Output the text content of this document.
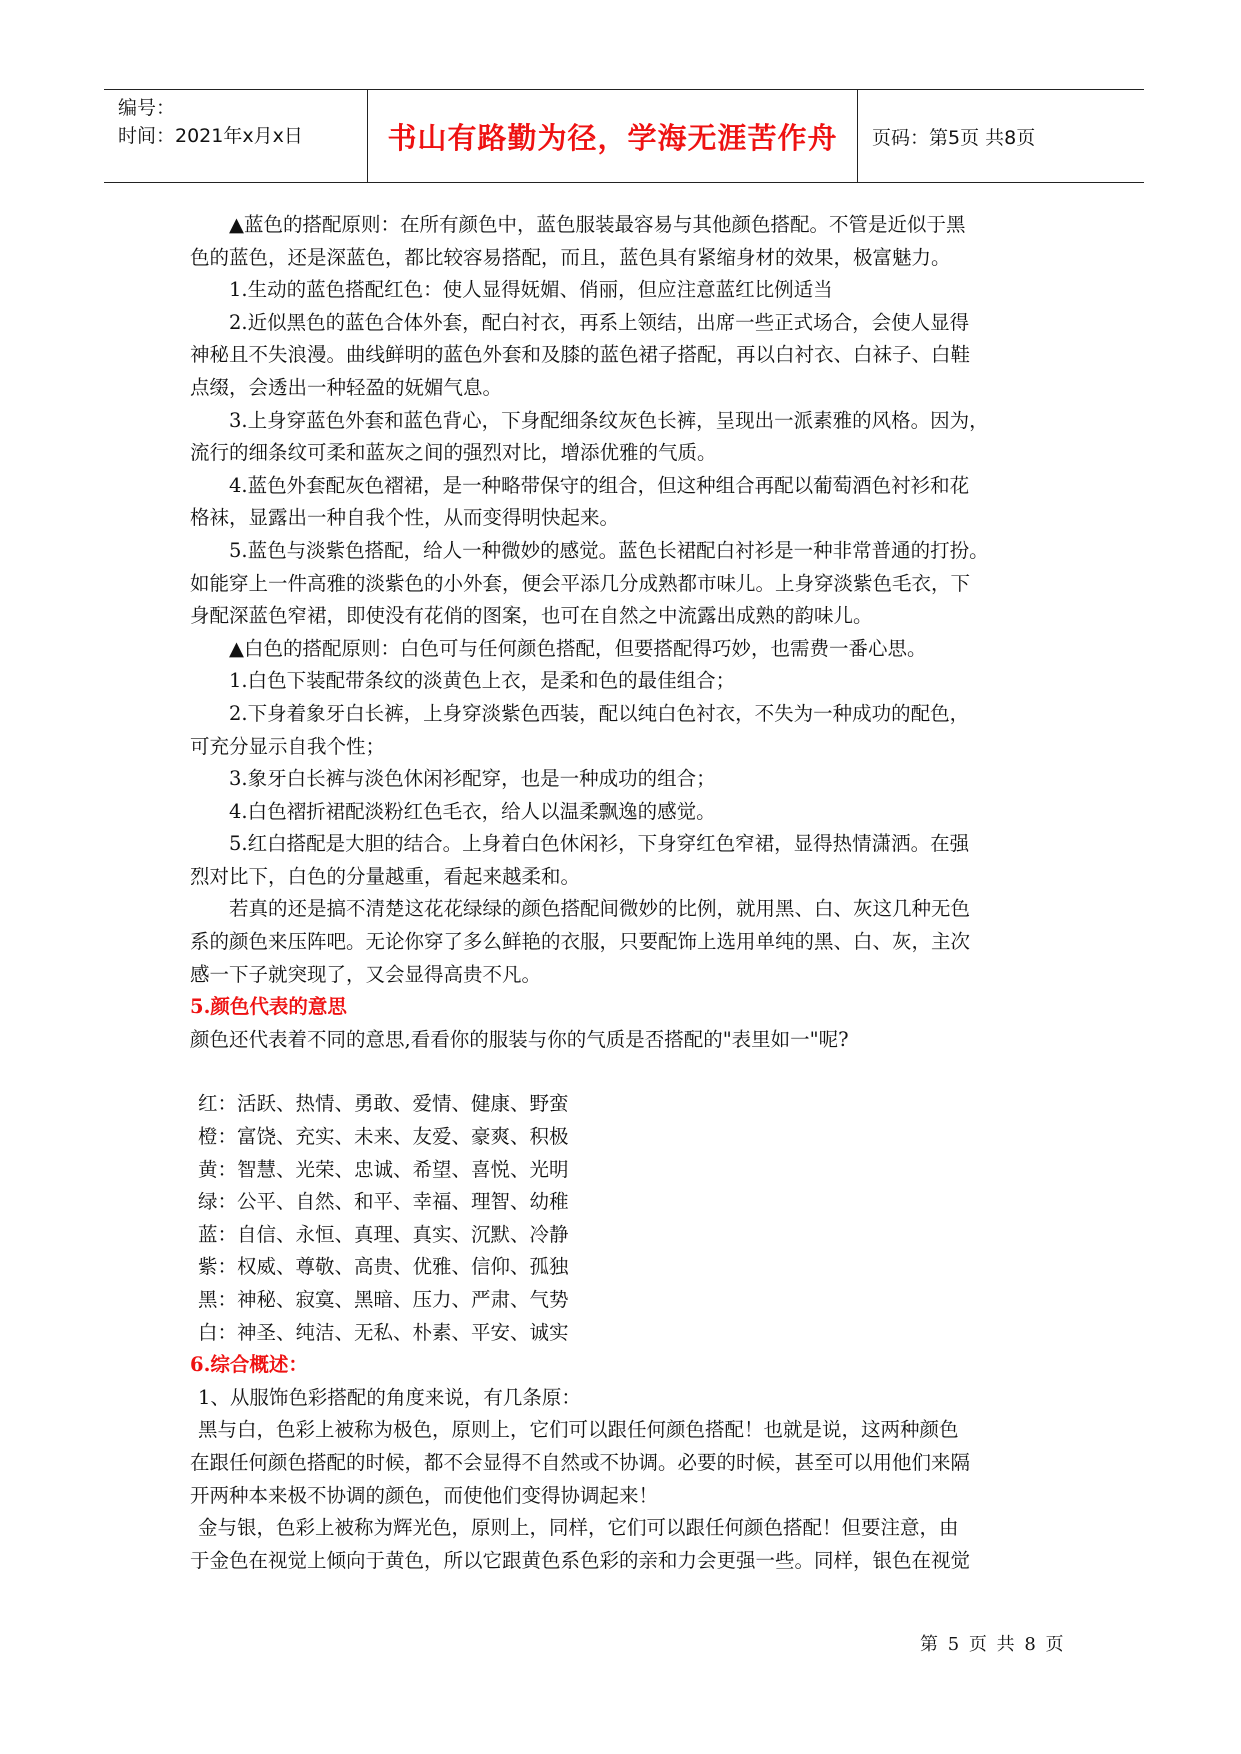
编号：
时间：2021年x月x日	书山有路勤为径，学海无涯苦作舟	页码：第5页 共8页
▲蓝色的搭配原则：在所有颜色中，蓝色服装最容易与其他颜色搭配。不管是近似于黑
色的蓝色，还是深蓝色，都比较容易搭配，而且，蓝色具有紧缩身材的效果，极富魅力。
1.生动的蓝色搭配红色：使人显得妩媚、俏丽，但应注意蓝红比例适当
2.近似黑色的蓝色合体外套，配白衬衣，再系上领结，出席一些正式场合，会使人显得
神秘且不失浪漫。曲线鲜明的蓝色外套和及膝的蓝色裙子搭配，再以白衬衣、白袜子、白鞋
点缀，会透出一种轻盈的妩媚气息。
3.上身穿蓝色外套和蓝色背心，下身配细条纹灰色长裤，呈现出一派素雅的风格。因为，
流行的细条纹可柔和蓝灰之间的强烈对比，增添优雅的气质。
4.蓝色外套配灰色褶裙，是一种略带保守的组合，但这种组合再配以葡萄酒色衬衫和花
格袜，显露出一种自我个性，从而变得明快起来。
5.蓝色与淡紫色搭配，给人一种微妙的感觉。蓝色长裙配白衬衫是一种非常普通的打扮。
如能穿上一件高雅的淡紫色的小外套，便会平添几分成熟都市味儿。上身穿淡紫色毛衣，下
身配深蓝色窄裙，即使没有花俏的图案，也可在自然之中流露出成熟的韵味儿。
▲白色的搭配原则：白色可与任何颜色搭配，但要搭配得巧妙，也需费一番心思。
1.白色下装配带条纹的淡黄色上衣，是柔和色的最佳组合；
2.下身着象牙白长裤，上身穿淡紫色西装，配以纯白色衬衣，不失为一种成功的配色，
可充分显示自我个性；
3.象牙白长裤与淡色休闲衫配穿，也是一种成功的组合；
4.白色褶折裙配淡粉红色毛衣，给人以温柔飘逸的感觉。
5.红白搭配是大胆的结合。上身着白色休闲衫，下身穿红色窄裙，显得热情潇洒。在强
烈对比下，白色的分量越重，看起来越柔和。
若真的还是搞不清楚这花花绿绿的颜色搭配间微妙的比例，就用黑、白、灰这几种无色
系的颜色来压阵吧。无论你穿了多么鲜艳的衣服，只要配饰上选用单纯的黑、白、灰，主次
感一下子就突现了，又会显得高贵不凡。
5.颜色代表的意思
颜色还代表着不同的意思,看看你的服装与你的气质是否搭配的"表里如一"呢?
红：活跃、热情、勇敢、爱情、健康、野蛮
橙：富饶、充实、未来、友爱、豪爽、积极
黄：智慧、光荣、忠诚、希望、喜悦、光明
绿：公平、自然、和平、幸福、理智、幼稚
蓝：自信、永恒、真理、真实、沉默、冷静
紫：权威、尊敬、高贵、优雅、信仰、孤独
黑：神秘、寂寞、黑暗、压力、严肃、气势
白：神圣、纯洁、无私、朴素、平安、诚实
6.综合概述：
1、从服饰色彩搭配的角度来说，有几条原：
黑与白，色彩上被称为极色，原则上，它们可以跟任何颜色搭配！也就是说，这两种颜色
在跟任何颜色搭配的时候，都不会显得不自然或不协调。必要的时候，甚至可以用他们来隔
开两种本来极不协调的颜色，而使他们变得协调起来！
金与银，色彩上被称为辉光色，原则上，同样，它们可以跟任何颜色搭配！但要注意，由
于金色在视觉上倾向于黄色，所以它跟黄色系色彩的亲和力会更强一些。同样，银色在视觉
第 5 页 共 8 页
